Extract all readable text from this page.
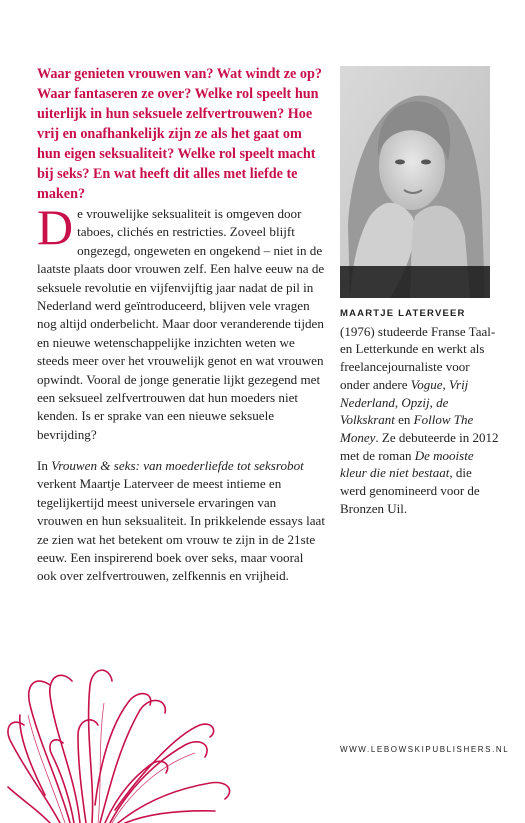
Waar genieten vrouwen van? Wat windt ze op? Waar fantaseren ze over? Welke rol speelt hun uiterlijk in hun seksuele zelfvertrouwen? Hoe vrij en onafhankelijk zijn ze als het gaat om hun eigen seksualiteit? Welke rol speelt macht bij seks? En wat heeft dit alles met liefde te maken?

De vrouwelijke seksualiteit is omgeven door taboes, clichés en restricties. Zoveel blijft ongezegd, ongeweten en ongekend – niet in de laatste plaats door vrouwen zelf. Een halve eeuw na de seksuele revolutie en vijfenvijftig jaar nadat de pil in Nederland werd geïntroduceerd, blijven vele vragen nog altijd onderbelicht. Maar door veranderende tijden en nieuwe wetenschappelijke inzichten weten we steeds meer over het vrouwelijk genot en wat vrouwen opwindt. Vooral de jonge generatie lijkt gezegend met een seksueel zelfvertrouwen dat hun moeders niet kenden. Is er sprake van een nieuwe seksuele bevrijding?

In Vrouwen & seks: van moederliefde tot seksrobot verkent Maartje Laterveer de meest intieme en tegelijkertijd meest universele ervaringen van vrouwen en hun seksualiteit. In prikkelende essays laat ze zien wat het betekent om vrouw te zijn in de 21ste eeuw. Een inspirerend boek over seks, maar vooral ook over zelfvertrouwen, zelfkennis en vrijheid.

MAARTJE LATERVEER (1976) studeerde Franse Taal- en Letterkunde en werkt als freelancejournaliste voor onder andere Vogue, Vrij Nederland, Opzij, de Volkskrant en Follow The Money. Ze debuteerde in 2012 met de roman De mooiste kleur die niet bestaat, die werd genomineerd voor de Bronzen Uil.

WWW.LEBOWSKIPUBLISHERS.NL
